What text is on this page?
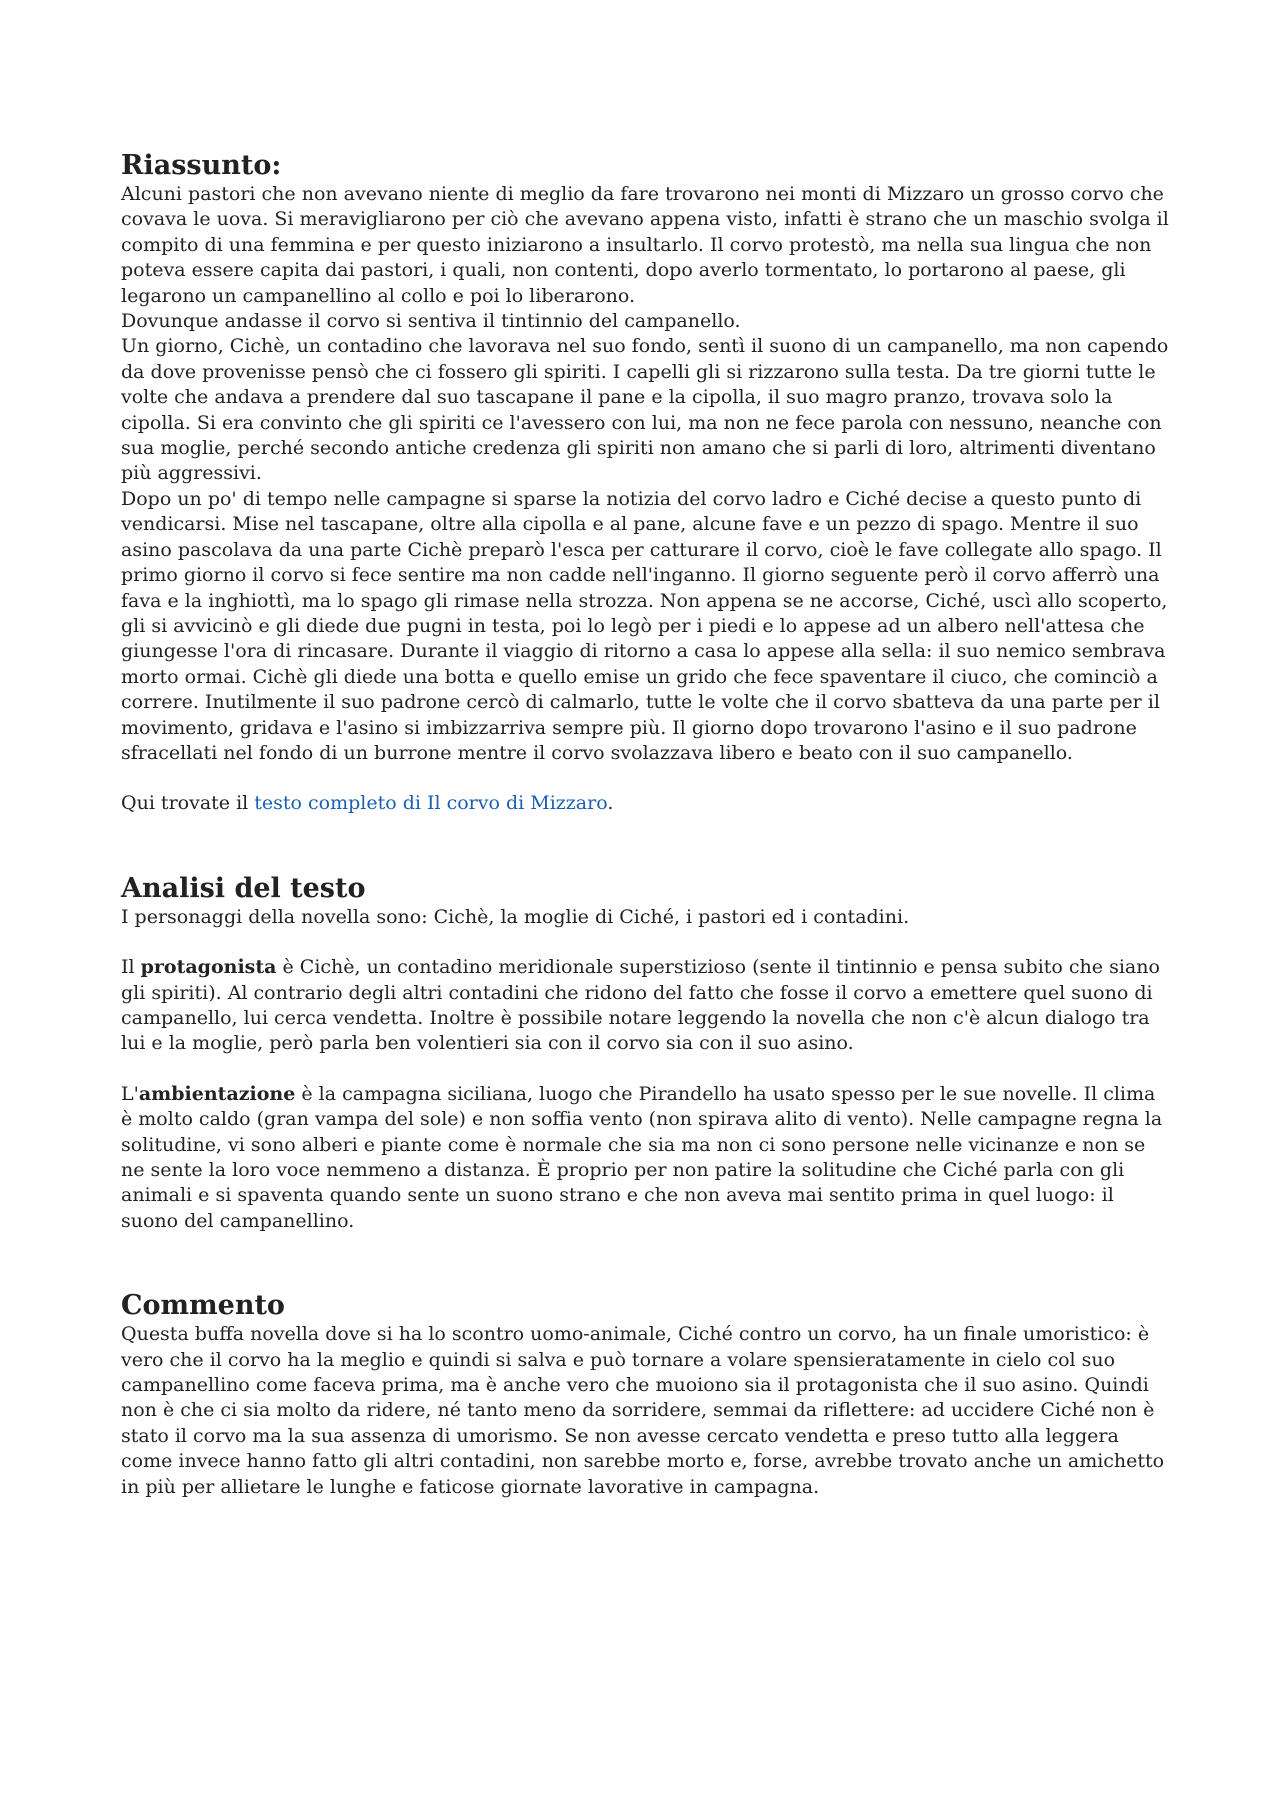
Riassunto:

Alcuni pastori che non avevano niente di meglio da fare trovarono nei monti di Mizzaro un grosso corvo che covava le uova. Si meravigliarono per ciò che avevano appena visto, infatti è strano che un maschio svolga il compito di una femmina e per questo iniziarono a insultarlo. Il corvo protestò, ma nella sua lingua che non poteva essere capita dai pastori, i quali, non contenti, dopo averlo tormentato, lo portarono al paese, gli legarono un campanellino al collo e poi lo liberarono.

Dovunque andasse il corvo si sentiva il tintinnio del campanello.

Un giorno, Cichè, un contadino che lavorava nel suo fondo, sentì il suono di un campanello, ma non capendo da dove provenisse pensò che ci fossero gli spiriti. I capelli gli si rizzarono sulla testa. Da tre giorni tutte le volte che andava a prendere dal suo tascapane il pane e la cipolla, il suo magro pranzo, trovava solo la cipolla. Si era convinto che gli spiriti ce l'avessero con lui, ma non ne fece parola con nessuno, neanche con sua moglie, perché secondo antiche credenza gli spiriti non amano che si parli di loro, altrimenti diventano più aggressivi.

Dopo un po' di tempo nelle campagne si sparse la notizia del corvo ladro e Ciché decise a questo punto di vendicarsi. Mise nel tascapane, oltre alla cipolla e al pane, alcune fave e un pezzo di spago. Mentre il suo asino pascolava da una parte Cichè preparò l'esca per catturare il corvo, cioè le fave collegate allo spago. Il primo giorno il corvo si fece sentire ma non cadde nell'inganno. Il giorno seguente però il corvo afferrò una fava e la inghiottì, ma lo spago gli rimase nella strozza. Non appena se ne accorse, Ciché, uscì allo scoperto, gli si avvicinò e gli diede due pugni in testa, poi lo legò per i piedi e lo appese ad un albero nell'attesa che giungesse l'ora di rincasare. Durante il viaggio di ritorno a casa lo appese alla sella: il suo nemico sembrava morto ormai. Cichè gli diede una botta e quello emise un grido che fece spaventare il ciuco, che cominciò a correre. Inutilmente il suo padrone cercò di calmarlo, tutte le volte che il corvo sbatteva da una parte per il movimento, gridava e l'asino si imbizzarriva sempre più. Il giorno dopo trovarono l'asino e il suo padrone sfracellati nel fondo di un burrone mentre il corvo svolazzava libero e beato con il suo campanello.

Qui trovate il testo completo di Il corvo di Mizzaro.

Analisi del testo

I personaggi della novella sono: Cichè, la moglie di Ciché, i pastori ed i contadini.

Il protagonista è Cichè, un contadino meridionale superstizioso (sente il tintinnio e pensa subito che siano gli spiriti). Al contrario degli altri contadini che ridono del fatto che fosse il corvo a emettere quel suono di campanello, lui cerca vendetta. Inoltre è possibile notare leggendo la novella che non c'è alcun dialogo tra lui e la moglie, però parla ben volentieri sia con il corvo sia con il suo asino.

L'ambientazione è la campagna siciliana, luogo che Pirandello ha usato spesso per le sue novelle. Il clima è molto caldo (gran vampa del sole) e non soffia vento (non spirava alito di vento). Nelle campagne regna la solitudine, vi sono alberi e piante come è normale che sia ma non ci sono persone nelle vicinanze e non se ne sente la loro voce nemmeno a distanza. È proprio per non patire la solitudine che Ciché parla con gli animali e si spaventa quando sente un suono strano e che non aveva mai sentito prima in quel luogo: il suono del campanellino.

Commento

Questa buffa novella dove si ha lo scontro uomo-animale, Ciché contro un corvo, ha un finale umoristico: è vero che il corvo ha la meglio e quindi si salva e può tornare a volare spensieratamente in cielo col suo campanellino come faceva prima, ma è anche vero che muoiono sia il protagonista che il suo asino. Quindi non è che ci sia molto da ridere, né tanto meno da sorridere, semmai da riflettere: ad uccidere Ciché non è stato il corvo ma la sua assenza di umorismo. Se non avesse cercato vendetta e preso tutto alla leggera come invece hanno fatto gli altri contadini, non sarebbe morto e, forse, avrebbe trovato anche un amichetto in più per allietare le lunghe e faticose giornate lavorative in campagna.
